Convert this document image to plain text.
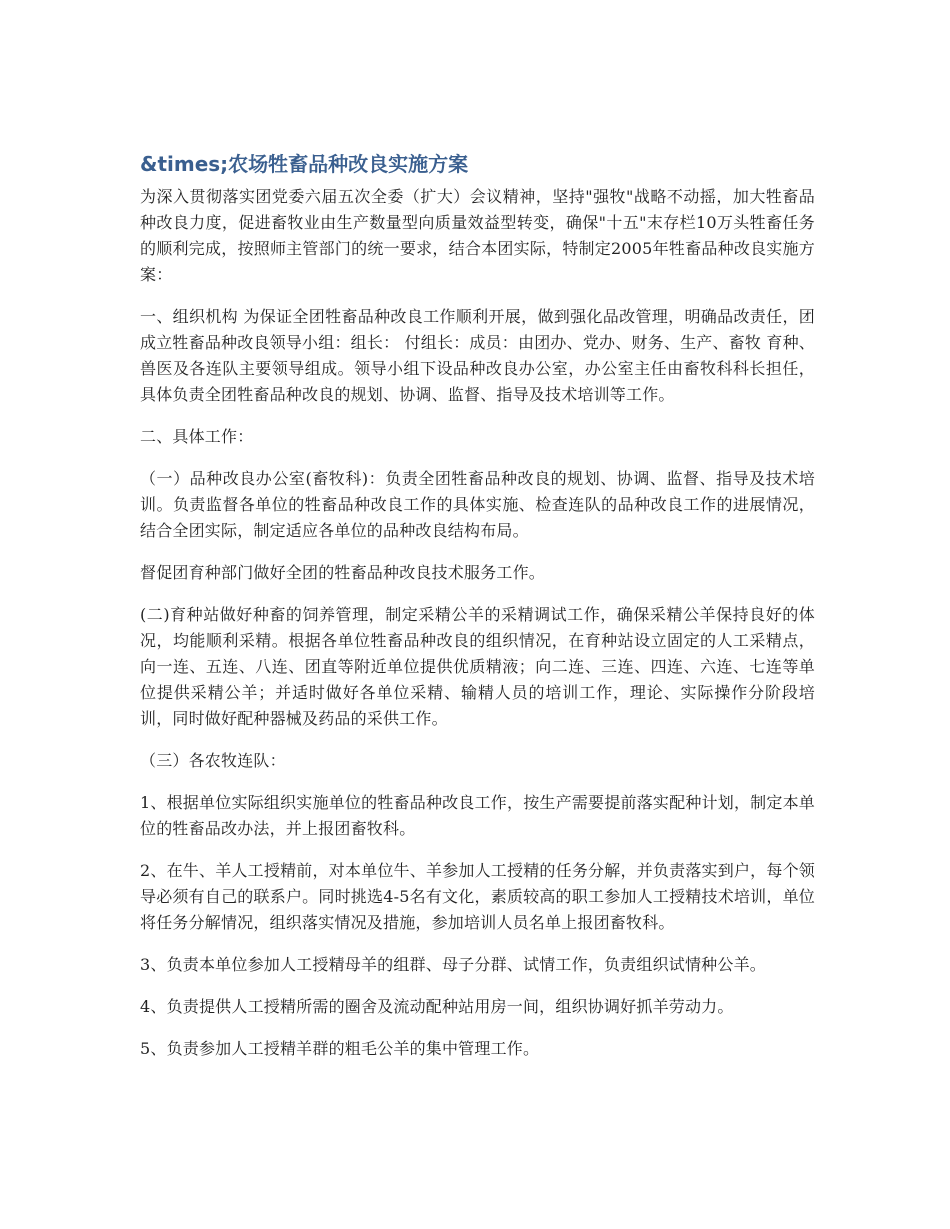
&times;农场牲畜品种改良实施方案

为深入贯彻落实团党委六届五次全委（扩大）会议精神，坚持"强牧"战略不动摇，加大牲畜品种改良力度，促进畜牧业由生产数量型向质量效益型转变，确保"十五"末存栏10万头牲畜任务的顺利完成，按照师主管部门的统一要求，结合本团实际，特制定2005年牲畜品种改良实施方案：

一、组织机构 为保证全团牲畜品种改良工作顺利开展，做到强化品改管理，明确品改责任，团成立牲畜品种改良领导小组：组长： 付组长：成员：由团办、党办、财务、生产、畜牧 育种、兽医及各连队主要领导组成。领导小组下设品种改良办公室，办公室主任由畜牧科科长担任，具体负责全团牲畜品种改良的规划、协调、监督、指导及技术培训等工作。

二、具体工作：

（一）品种改良办公室(畜牧科)：负责全团牲畜品种改良的规划、协调、监督、指导及技术培训。负责监督各单位的牲畜品种改良工作的具体实施、检查连队的品种改良工作的进展情况，结合全团实际，制定适应各单位的品种改良结构布局。

督促团育种部门做好全团的牲畜品种改良技术服务工作。

(二)育种站做好种畜的饲养管理，制定采精公羊的采精调试工作，确保采精公羊保持良好的体况，均能顺利采精。根据各单位牲畜品种改良的组织情况，在育种站设立固定的人工采精点，向一连、五连、八连、团直等附近单位提供优质精液；向二连、三连、四连、六连、七连等单位提供采精公羊；并适时做好各单位采精、输精人员的培训工作，理论、实际操作分阶段培训，同时做好配种器械及药品的采供工作。

（三）各农牧连队：

1、根据单位实际组织实施单位的牲畜品种改良工作，按生产需要提前落实配种计划，制定本单位的牲畜品改办法，并上报团畜牧科。

2、在牛、羊人工授精前，对本单位牛、羊参加人工授精的任务分解，并负责落实到户，每个领导必须有自己的联系户。同时挑选4-5名有文化，素质较高的职工参加人工授精技术培训，单位将任务分解情况，组织落实情况及措施，参加培训人员名单上报团畜牧科。

3、负责本单位参加人工授精母羊的组群、母子分群、试情工作，负责组织试情种公羊。

4、负责提供人工授精所需的圈舍及流动配种站用房一间，组织协调好抓羊劳动力。

5、负责参加人工授精羊群的粗毛公羊的集中管理工作。
